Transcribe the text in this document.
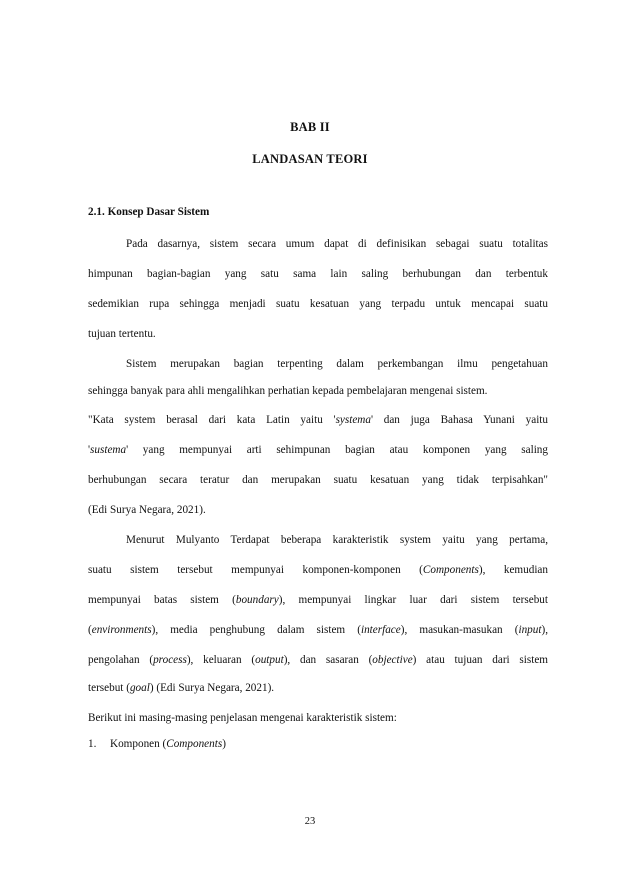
BAB II
LANDASAN TEORI
2.1. Konsep Dasar Sistem
Pada dasarnya, sistem secara umum dapat di definisikan sebagai suatu totalitas
himpunan bagian-bagian yang satu sama lain saling berhubungan dan terbentuk
sedemikian rupa sehingga menjadi suatu kesatuan yang terpadu untuk mencapai suatu
tujuan tertentu.
Sistem merupakan bagian terpenting dalam perkembangan ilmu pengetahuan
sehingga banyak para ahli mengalihkan perhatian kepada pembelajaran mengenai sistem.
"Kata system berasal dari kata Latin yaitu 'systema' dan juga Bahasa Yunani yaitu
'sustema' yang mempunyai arti sehimpunan bagian atau komponen yang saling
berhubungan secara teratur dan merupakan suatu kesatuan yang tidak terpisahkan"
(Edi Surya Negara, 2021).
Menurut Mulyanto Terdapat beberapa karakteristik system yaitu yang pertama,
suatu sistem tersebut mempunyai komponen-komponen (Components), kemudian
mempunyai batas sistem (boundary), mempunyai lingkar luar dari sistem tersebut
(environments), media penghubung dalam sistem (interface), masukan-masukan (input),
pengolahan (process), keluaran (output), dan sasaran (objective) atau tujuan dari sistem
tersebut (goal) (Edi Surya Negara, 2021).
Berikut ini masing-masing penjelasan mengenai karakteristik sistem:
1. Komponen (Components)
23
